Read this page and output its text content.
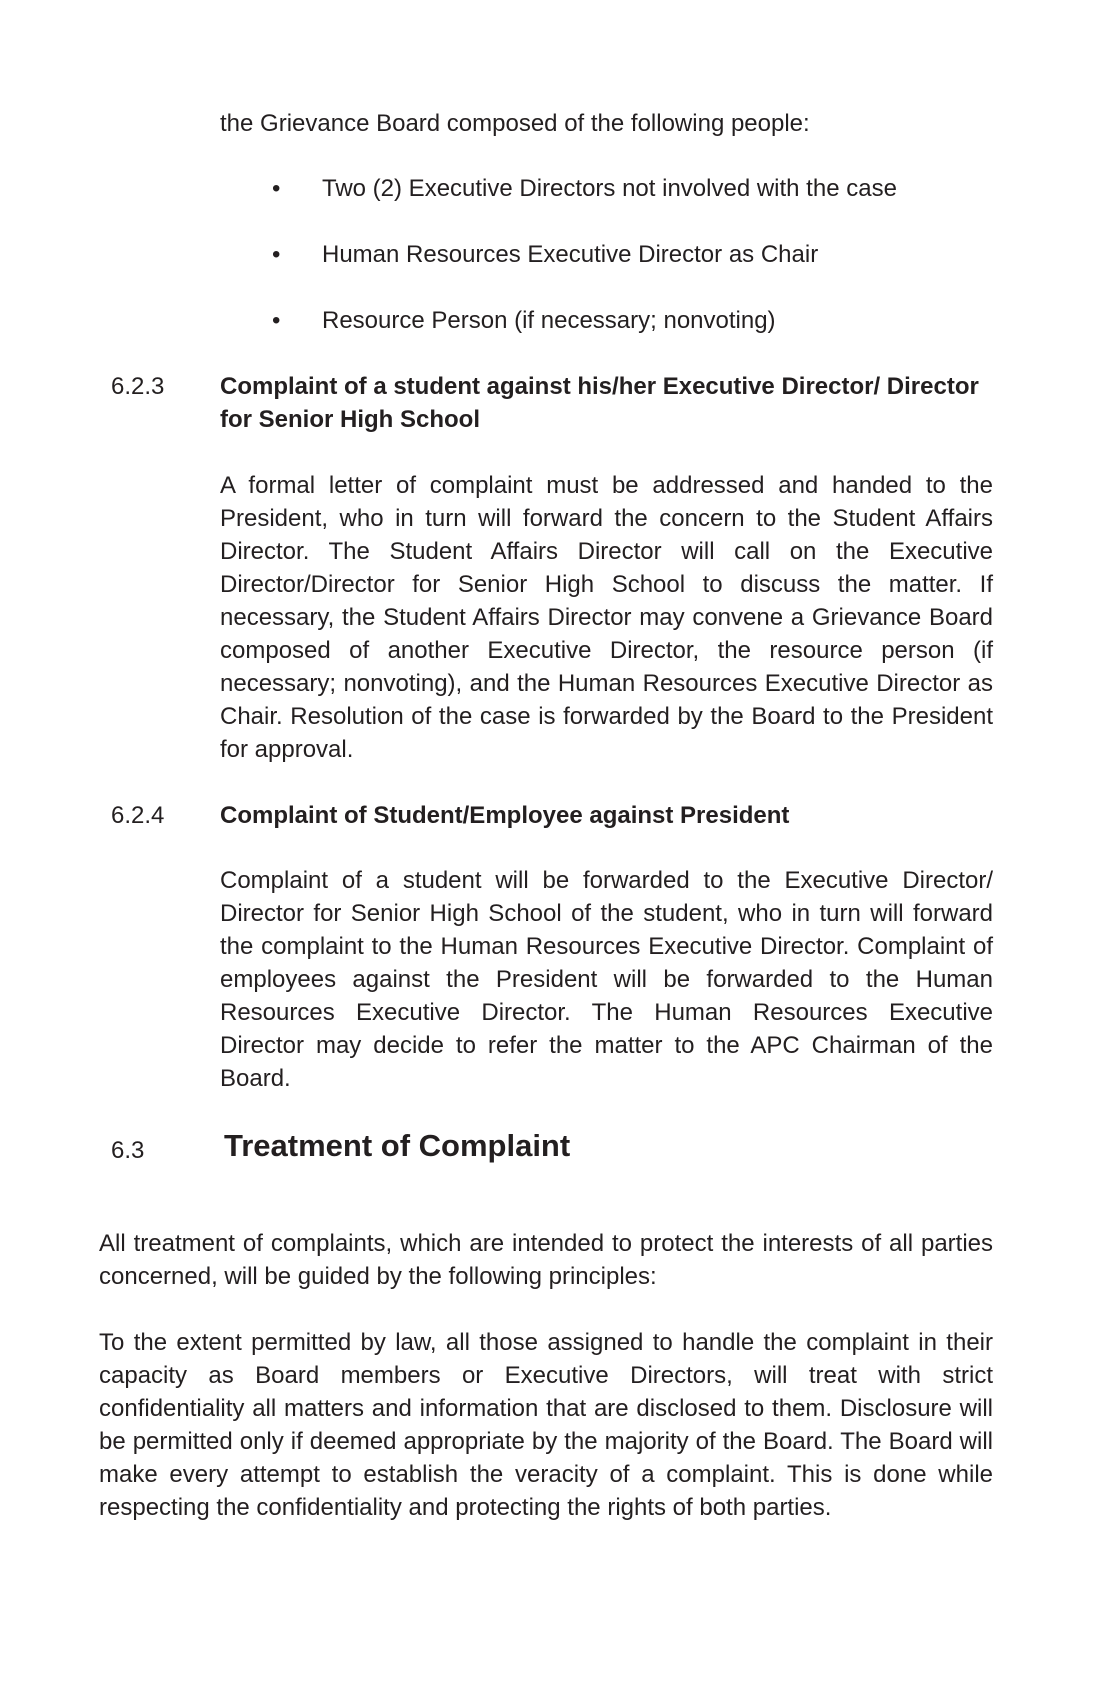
the Grievance Board composed of the following people:

• Two (2) Executive Directors not involved with the case
• Human Resources Executive Director as Chair
• Resource Person (if necessary; nonvoting)
6.2.3 Complaint of a student against his/her Executive Director/ Director for Senior High School

A formal letter of complaint must be addressed and handed to the President, who in turn will forward the concern to the Student Affairs Director. The Student Affairs Director will call on the Executive Director/Director for Senior High School to discuss the matter. If necessary, the Student Affairs Director may convene a Grievance Board composed of another Executive Director, the resource person (if necessary; nonvoting), and the Human Resources Executive Director as Chair. Resolution of the case is forwarded by the Board to the President for approval.

6.2.4 Complaint of Student/Employee against President

Complaint of a student will be forwarded to the Executive Director/ Director for Senior High School of the student, who in turn will forward the complaint to the Human Resources Executive Director. Complaint of employees against the President will be forwarded to the Human Resources Executive Director. The Human Resources Executive Director may decide to refer the matter to the APC Chairman of the Board.

6.3	Treatment of Complaint

All treatment of complaints, which are intended to protect the interests of all parties concerned, will be guided by the following principles:

To the extent permitted by law, all those assigned to handle the complaint in their capacity as Board members or Executive Directors, will treat with strict confidentiality all matters and information that are disclosed to them. Disclosure will be permitted only if deemed appropriate by the majority of the Board. The Board will make every attempt to establish the veracity of a complaint. This is done while respecting the confidentiality and protecting the rights of both parties.
